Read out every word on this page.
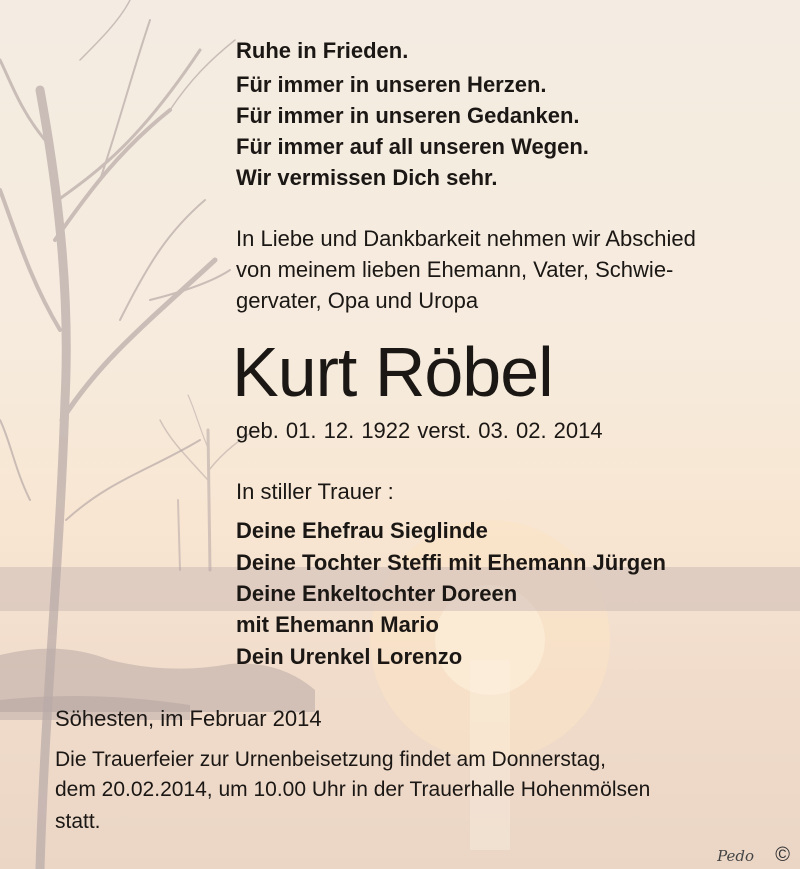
Ruhe in Frieden.
Für immer in unseren Herzen.
Für immer in unseren Gedanken.
Für immer auf all unseren Wegen.
Wir vermissen Dich sehr.
In Liebe und Dankbarkeit nehmen wir Abschied
von meinem lieben Ehemann, Vater, Schwie-
gervater, Opa und Uropa
Kurt Röbel
geb. 01. 12. 1922 verst. 03. 02. 2014
In stiller Trauer :
Deine Ehefrau Sieglinde
Deine Tochter Steffi mit Ehemann Jürgen
Deine Enkeltochter Doreen
mit Ehemann Mario
Dein Urenkel Lorenzo
Söhesten, im Februar 2014
Die Trauerfeier zur Urnenbeisetzung findet am Donnerstag,
dem 20.02.2014, um 10.00 Uhr in der Trauerhalle Hohenmölsen
statt.
Pedo ©
